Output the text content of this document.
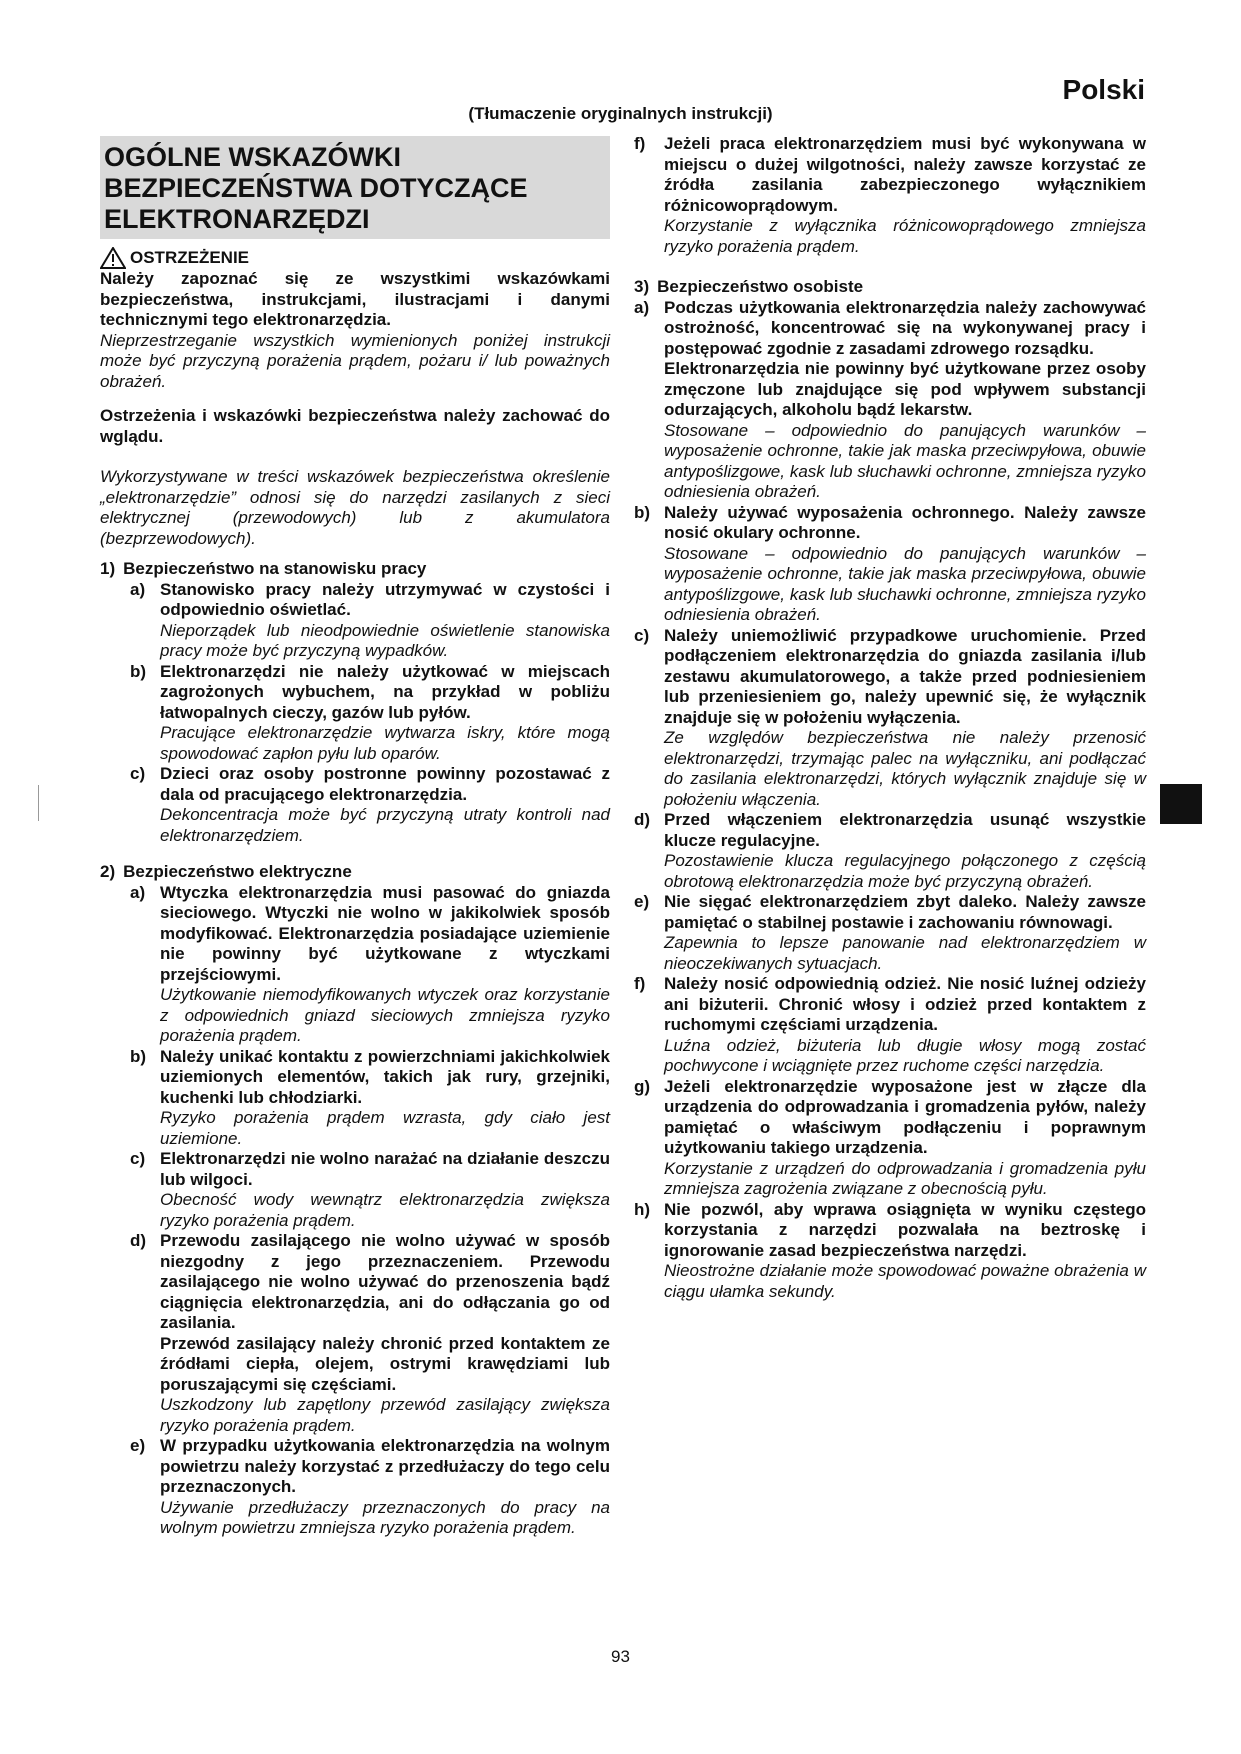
Polski
(Tłumaczenie oryginalnych instrukcji)
OGÓLNE WSKAZÓWKI BEZPIECZEŃSTWA DOTYCZĄCE ELEKTRONARZĘDZI
OSTRZEŻENIE

Należy zapoznać się ze wszystkimi wskazówkami bezpieczeństwa, instrukcjami, ilustracjami i danymi technicznymi tego elektronarzędzia.

Nieprzestrzeganie wszystkich wymienionych poniżej instrukcji może być przyczyną porażenia prądem, pożaru i/ lub poważnych obrażeń.

Ostrzeżenia i wskazówki bezpieczeństwa należy zachować do wglądu.

Wykorzystywane w treści wskazówek bezpieczeństwa określenie „elektronarzędzie” odnosi się do narzędzi zasilanych z sieci elektrycznej (przewodowych) lub z akumulatora (bezprzewodowych).

1) Bezpieczeństwo na stanowisku pracy
a) Stanowisko pracy należy utrzymywać w czystości i odpowiednio oświetlać.

Nieporządek lub nieodpowiednie oświetlenie stanowiska pracy może być przyczyną wypadków.

b) Elektronarzędzi nie należy użytkować w miejscach zagrożonych wybuchem, na przykład w pobliżu łatwopalnych cieczy, gazów lub pyłów.

Pracujące elektronarzędzie wytwarza iskry, które mogą spowodować zapłon pyłu lub oparów.

c) Dzieci oraz osoby postronne powinny pozostawać z dala od pracującego elektronarzędzia.

Dekoncentracja może być przyczyną utraty kontroli nad elektronarzędziem.

2) Bezpieczeństwo elektryczne
a) Wtyczka elektronarzędzia musi pasować do gniazda sieciowego. Wtyczki nie wolno w jakikolwiek sposób modyfikować. Elektronarzędzia posiadające uziemienie nie powinny być użytkowane z wtyczkami przejściowymi.

Użytkowanie niemodyfikowanych wtyczek oraz korzystanie z odpowiednich gniazd sieciowych zmniejsza ryzyko porażenia prądem.

b) Należy unikać kontaktu z powierzchniami jakichkolwiek uziemionych elementów, takich jak rury, grzejniki, kuchenki lub chłodziarki.

Ryzyko porażenia prądem wzrasta, gdy ciało jest uziemione.

c) Elektronarzędzi nie wolno narażać na działanie deszczu lub wilgoci.

Obecność wody wewnątrz elektronarzędzia zwiększa ryzyko porażenia prądem.

d) Przewodu zasilającego nie wolno używać w sposób niezgodny z jego przeznaczeniem. Przewodu zasilającego nie wolno używać do przenoszenia bądź ciągnięcia elektronarzędzia, ani do odłączania go od zasilania.

Przewód zasilający należy chronić przed kontaktem ze źródłami ciepła, olejem, ostrymi krawędziami lub poruszającymi się częściami.

Uszkodzony lub zapętlony przewód zasilający zwiększa ryzyko porażenia prądem.

e) W przypadku użytkowania elektronarzędzia na wolnym powietrzu należy korzystać z przedłużaczy do tego celu przeznaczonych.

Używanie przedłużaczy przeznaczonych do pracy na wolnym powietrzu zmniejsza ryzyko porażenia prądem.

f)	Jeżeli praca elektronarzędziem musi być wykonywana w miejscu o dużej wilgotności, należy zawsze korzystać ze źródła zasilania zabezpieczonego wyłącznikiem różnicowoprądowym.

Korzystanie z wyłącznika różnicowoprądowego zmniejsza ryzyko porażenia prądem.

3) Bezpieczeństwo osobiste
a) Podczas użytkowania elektronarzędzia należy zachowywać ostrożność, koncentrować się na wykonywanej pracy i postępować zgodnie z zasadami zdrowego rozsądku.

Elektronarzędzia nie powinny być użytkowane przez osoby zmęczone lub znajdujące się pod wpływem substancji odurzających, alkoholu bądź lekarstw.

Stosowane – odpowiednio do panujących warunków – wyposażenie ochronne, takie jak maska przeciwpyłowa, obuwie antypoślizgowe, kask lub słuchawki ochronne, zmniejsza ryzyko odniesienia obrażeń.

b) Należy używać wyposażenia ochronnego. Należy zawsze nosić okulary ochronne.

Stosowane – odpowiednio do panujących warunków – wyposażenie ochronne, takie jak maska przeciwpyłowa, obuwie antypoślizgowe, kask lub słuchawki ochronne, zmniejsza ryzyko odniesienia obrażeń.

c) Należy uniemożliwić przypadkowe uruchomienie. Przed podłączeniem elektronarzędzia do gniazda zasilania i/lub zestawu akumulatorowego, a także przed podniesieniem lub przeniesieniem go, należy upewnić się, że wyłącznik znajduje się w położeniu wyłączenia.

Ze względów bezpieczeństwa nie należy przenosić elektronarzędzi, trzymając palec na wyłączniku, ani podłączać do zasilania elektronarzędzi, których wyłącznik znajduje się w położeniu włączenia.

d) Przed włączeniem elektronarzędzia usunąć wszystkie klucze regulacyjne.

Pozostawienie klucza regulacyjnego połączonego z częścią obrotową elektronarzędzia może być przyczyną obrażeń.

e) Nie sięgać elektronarzędziem zbyt daleko. Należy zawsze pamiętać o stabilnej postawie i zachowaniu równowagi.

Zapewnia to lepsze panowanie nad elektronarzędziem w nieoczekiwanych sytuacjach.

f)	Należy nosić odpowiednią odzież. Nie nosić luźnej odzieży ani biżuterii. Chronić włosy i odzież przed kontaktem z ruchomymi częściami urządzenia.

Luźna odzież, biżuteria lub długie włosy mogą zostać pochwycone i wciągnięte przez ruchome części narzędzia.

g) Jeżeli elektronarzędzie wyposażone jest w złącze dla urządzenia do odprowadzania i gromadzenia pyłów, należy pamiętać o właściwym podłączeniu i poprawnym użytkowaniu takiego urządzenia.

Korzystanie z urządzeń do odprowadzania i gromadzenia pyłu zmniejsza zagrożenia związane z obecnością pyłu.

h) Nie pozwól, aby wprawa osiągnięta w wyniku częstego korzystania z narzędzi pozwalała na beztroskę i ignorowanie zasad bezpieczeństwa narzędzi.

Nieostrożne działanie może spowodować poważne obrażenia w ciągu ułamka sekundy.

93
